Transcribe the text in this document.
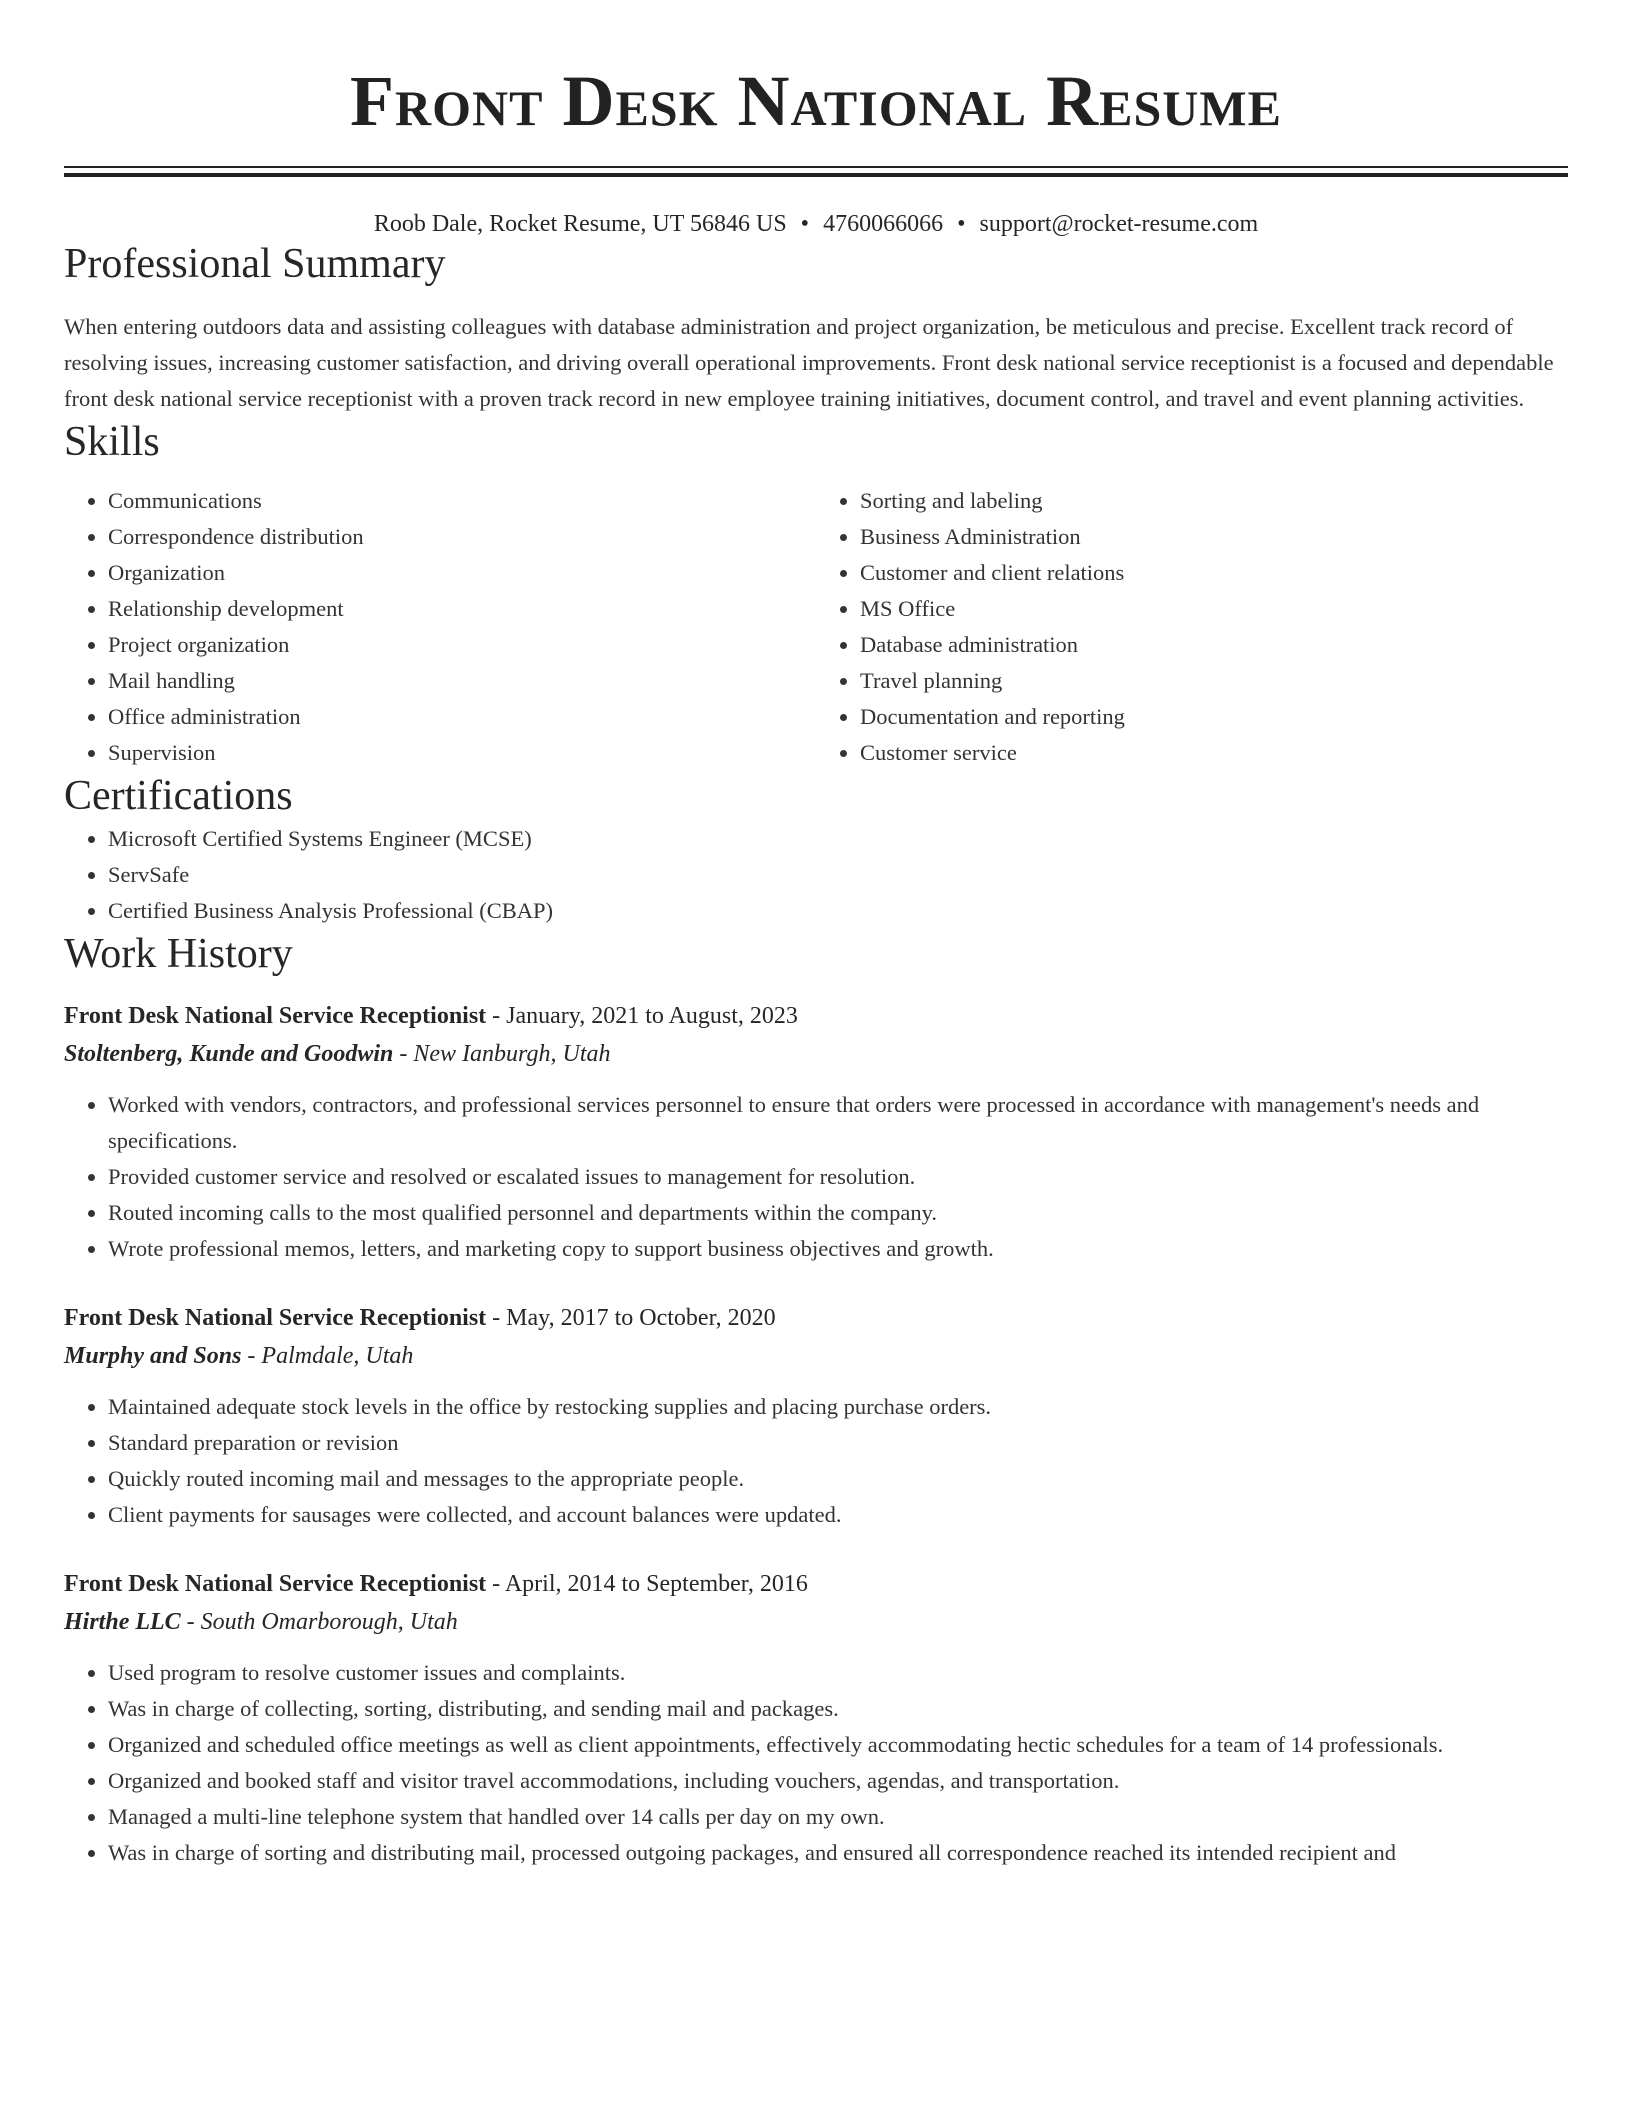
Front Desk National Resume
Roob Dale, Rocket Resume, UT 56846 US • 4760066066 • support@rocket-resume.com
Professional Summary

When entering outdoors data and assisting colleagues with database administration and project organization, be meticulous and precise. Excellent track record of resolving issues, increasing customer satisfaction, and driving overall operational improvements. Front desk national service receptionist is a focused and dependable front desk national service receptionist with a proven track record in new employee training initiatives, document control, and travel and event planning activities.

Skills
• Communications
• Correspondence distribution
• Organization
• Relationship development
• Project organization
• Mail handling
• Office administration
• Supervision
• Sorting and labeling
• Business Administration
• Customer and client relations
• MS Office
• Database administration
• Travel planning
• Documentation and reporting
• Customer service
Certifications
• Microsoft Certified Systems Engineer (MCSE)
• ServSafe
• Certified Business Analysis Professional (CBAP)
Work History
Front Desk National Service Receptionist - January, 2021 to August, 2023
Stoltenberg, Kunde and Goodwin - New Ianburgh, Utah
• Worked with vendors, contractors, and professional services personnel to ensure that orders were processed in accordance with management's needs and specifications.
• Provided customer service and resolved or escalated issues to management for resolution.
• Routed incoming calls to the most qualified personnel and departments within the company.
• Wrote professional memos, letters, and marketing copy to support business objectives and growth.
Front Desk National Service Receptionist - May, 2017 to October, 2020
Murphy and Sons - Palmdale, Utah
• Maintained adequate stock levels in the office by restocking supplies and placing purchase orders.
• Standard preparation or revision
• Quickly routed incoming mail and messages to the appropriate people.
• Client payments for sausages were collected, and account balances were updated.
Front Desk National Service Receptionist - April, 2014 to September, 2016
Hirthe LLC - South Omarborough, Utah
• Used program to resolve customer issues and complaints.
• Was in charge of collecting, sorting, distributing, and sending mail and packages.
• Organized and scheduled office meetings as well as client appointments, effectively accommodating hectic schedules for a team of 14 professionals.
• Organized and booked staff and visitor travel accommodations, including vouchers, agendas, and transportation.
• Managed a multi-line telephone system that handled over 14 calls per day on my own.
• Was in charge of sorting and distributing mail, processed outgoing packages, and ensured all correspondence reached its intended recipient and
